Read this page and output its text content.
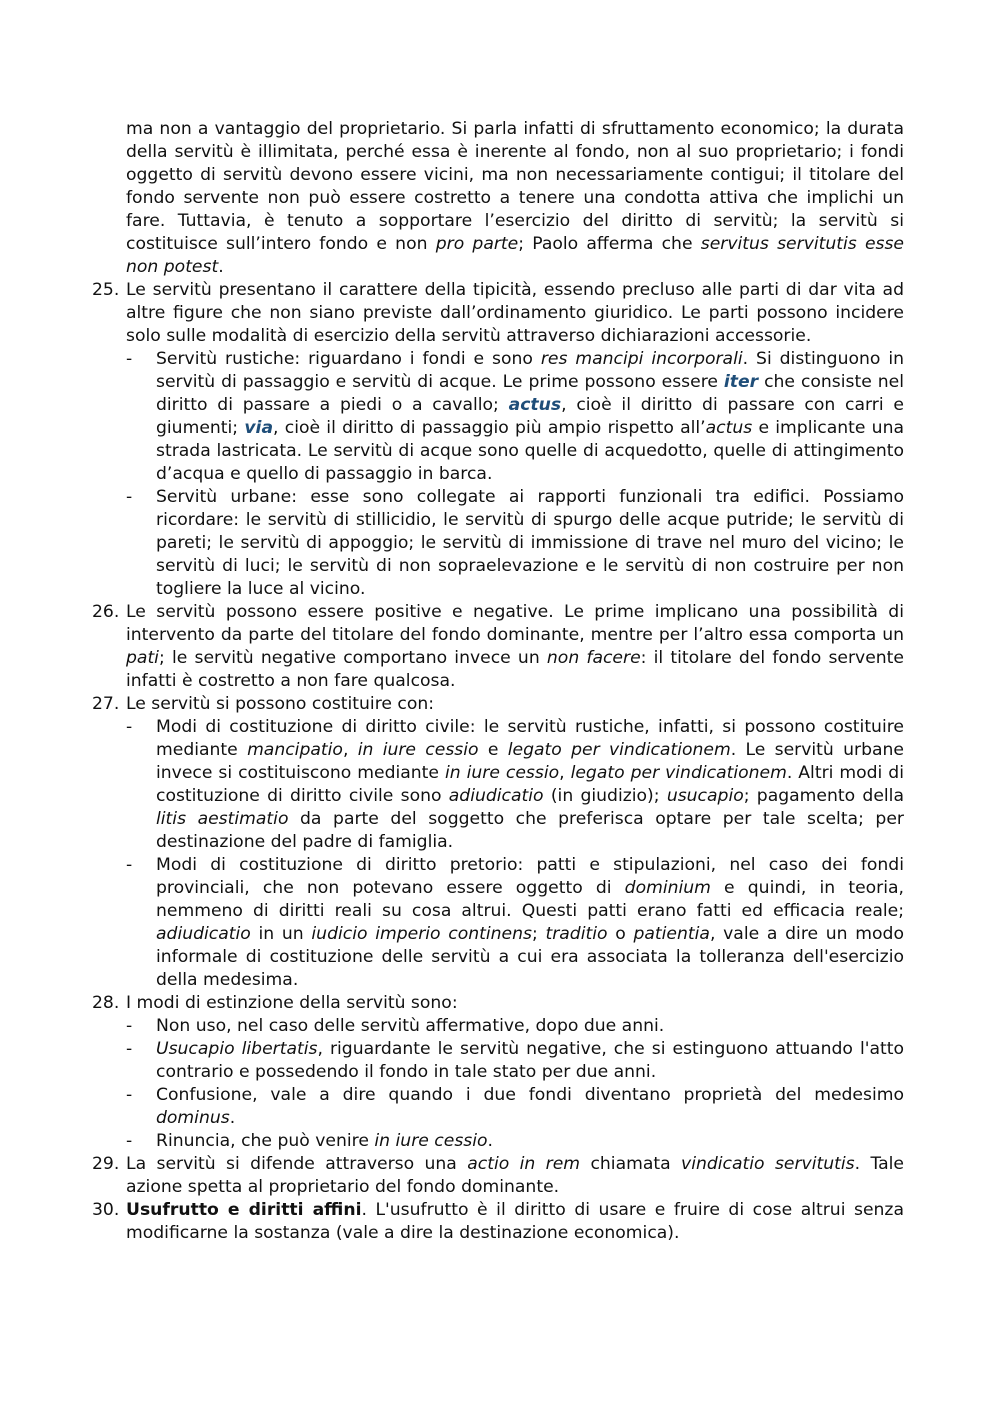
ma non a vantaggio del proprietario. Si parla infatti di sfruttamento economico; la durata della servitù è illimitata, perché essa è inerente al fondo, non al suo proprietario; i fondi oggetto di servitù devono essere vicini, ma non necessariamente contigui; il titolare del fondo servente non può essere costretto a tenere una condotta attiva che implichi un fare. Tuttavia, è tenuto a sopportare l’esercizio del diritto di servitù; la servitù si costituisce sull’intero fondo e non pro parte; Paolo afferma che servitus servitutis esse non potest.

25. Le servitù presentano il carattere della tipicità, essendo precluso alle parti di dar vita ad altre figure che non siano previste dall’ordinamento giuridico. Le parti possono incidere solo sulle modalità di esercizio della servitù attraverso dichiarazioni accessorie.

- Servitù rustiche: riguardano i fondi e sono res mancipi incorporali. Si distinguono in servitù di passaggio e servitù di acque. Le prime possono essere iter che consiste nel diritto di passare a piedi o a cavallo; actus, cioè il diritto di passare con carri e giumenti; via, cioè il diritto di passaggio più ampio rispetto all’actus e implicante una strada lastricata. Le servitù di acque sono quelle di acquedotto, quelle di attingimento d’acqua e quello di passaggio in barca.
- Servitù urbane: esse sono collegate ai rapporti funzionali tra edifici. Possiamo ricordare: le servitù di stillicidio, le servitù di spurgo delle acque putride; le servitù di pareti; le servitù di appoggio; le servitù di immissione di trave nel muro del vicino; le servitù di luci; le servitù di non sopraelevazione e le servitù di non costruire per non togliere la luce al vicino.
26. Le servitù possono essere positive e negative. Le prime implicano una possibilità di intervento da parte del titolare del fondo dominante, mentre per l’altro essa comporta un pati; le servitù negative comportano invece un non facere: il titolare del fondo servente infatti è costretto a non fare qualcosa.

27. Le servitù si possono costituire con:

- Modi di costituzione di diritto civile: le servitù rustiche, infatti, si possono costituire mediante mancipatio, in iure cessio e legato per vindicationem. Le servitù urbane invece si costituiscono mediante in iure cessio, legato per vindicationem. Altri modi di costituzione di diritto civile sono adiudicatio (in giudizio); usucapio; pagamento della litis aestimatio da parte del soggetto che preferisca optare per tale scelta; per destinazione del padre di famiglia.
- Modi di costituzione di diritto pretorio: patti e stipulazioni, nel caso dei fondi provinciali, che non potevano essere oggetto di dominium e quindi, in teoria, nemmeno di diritti reali su cosa altrui. Questi patti erano fatti ed efficacia reale; adiudicatio in un iudicio imperio continens; traditio o patientia, vale a dire un modo informale di costituzione delle servitù a cui era associata la tolleranza dell'esercizio della medesima.
28. I modi di estinzione della servitù sono:

- Non uso, nel caso delle servitù affermative, dopo due anni.
- Usucapio libertatis, riguardante le servitù negative, che si estinguono attuando l'atto contrario e possedendo il fondo in tale stato per due anni.
- Confusione, vale a dire quando i due fondi diventano proprietà del medesimo dominus.
- Rinuncia, che può venire in iure cessio.
29. La servitù si difende attraverso una actio in rem chiamata vindicatio servitutis. Tale azione spetta al proprietario del fondo dominante.

30. Usufrutto e diritti affini. L'usufrutto è il diritto di usare e fruire di cose altrui senza modificarne la sostanza (vale a dire la destinazione economica).
